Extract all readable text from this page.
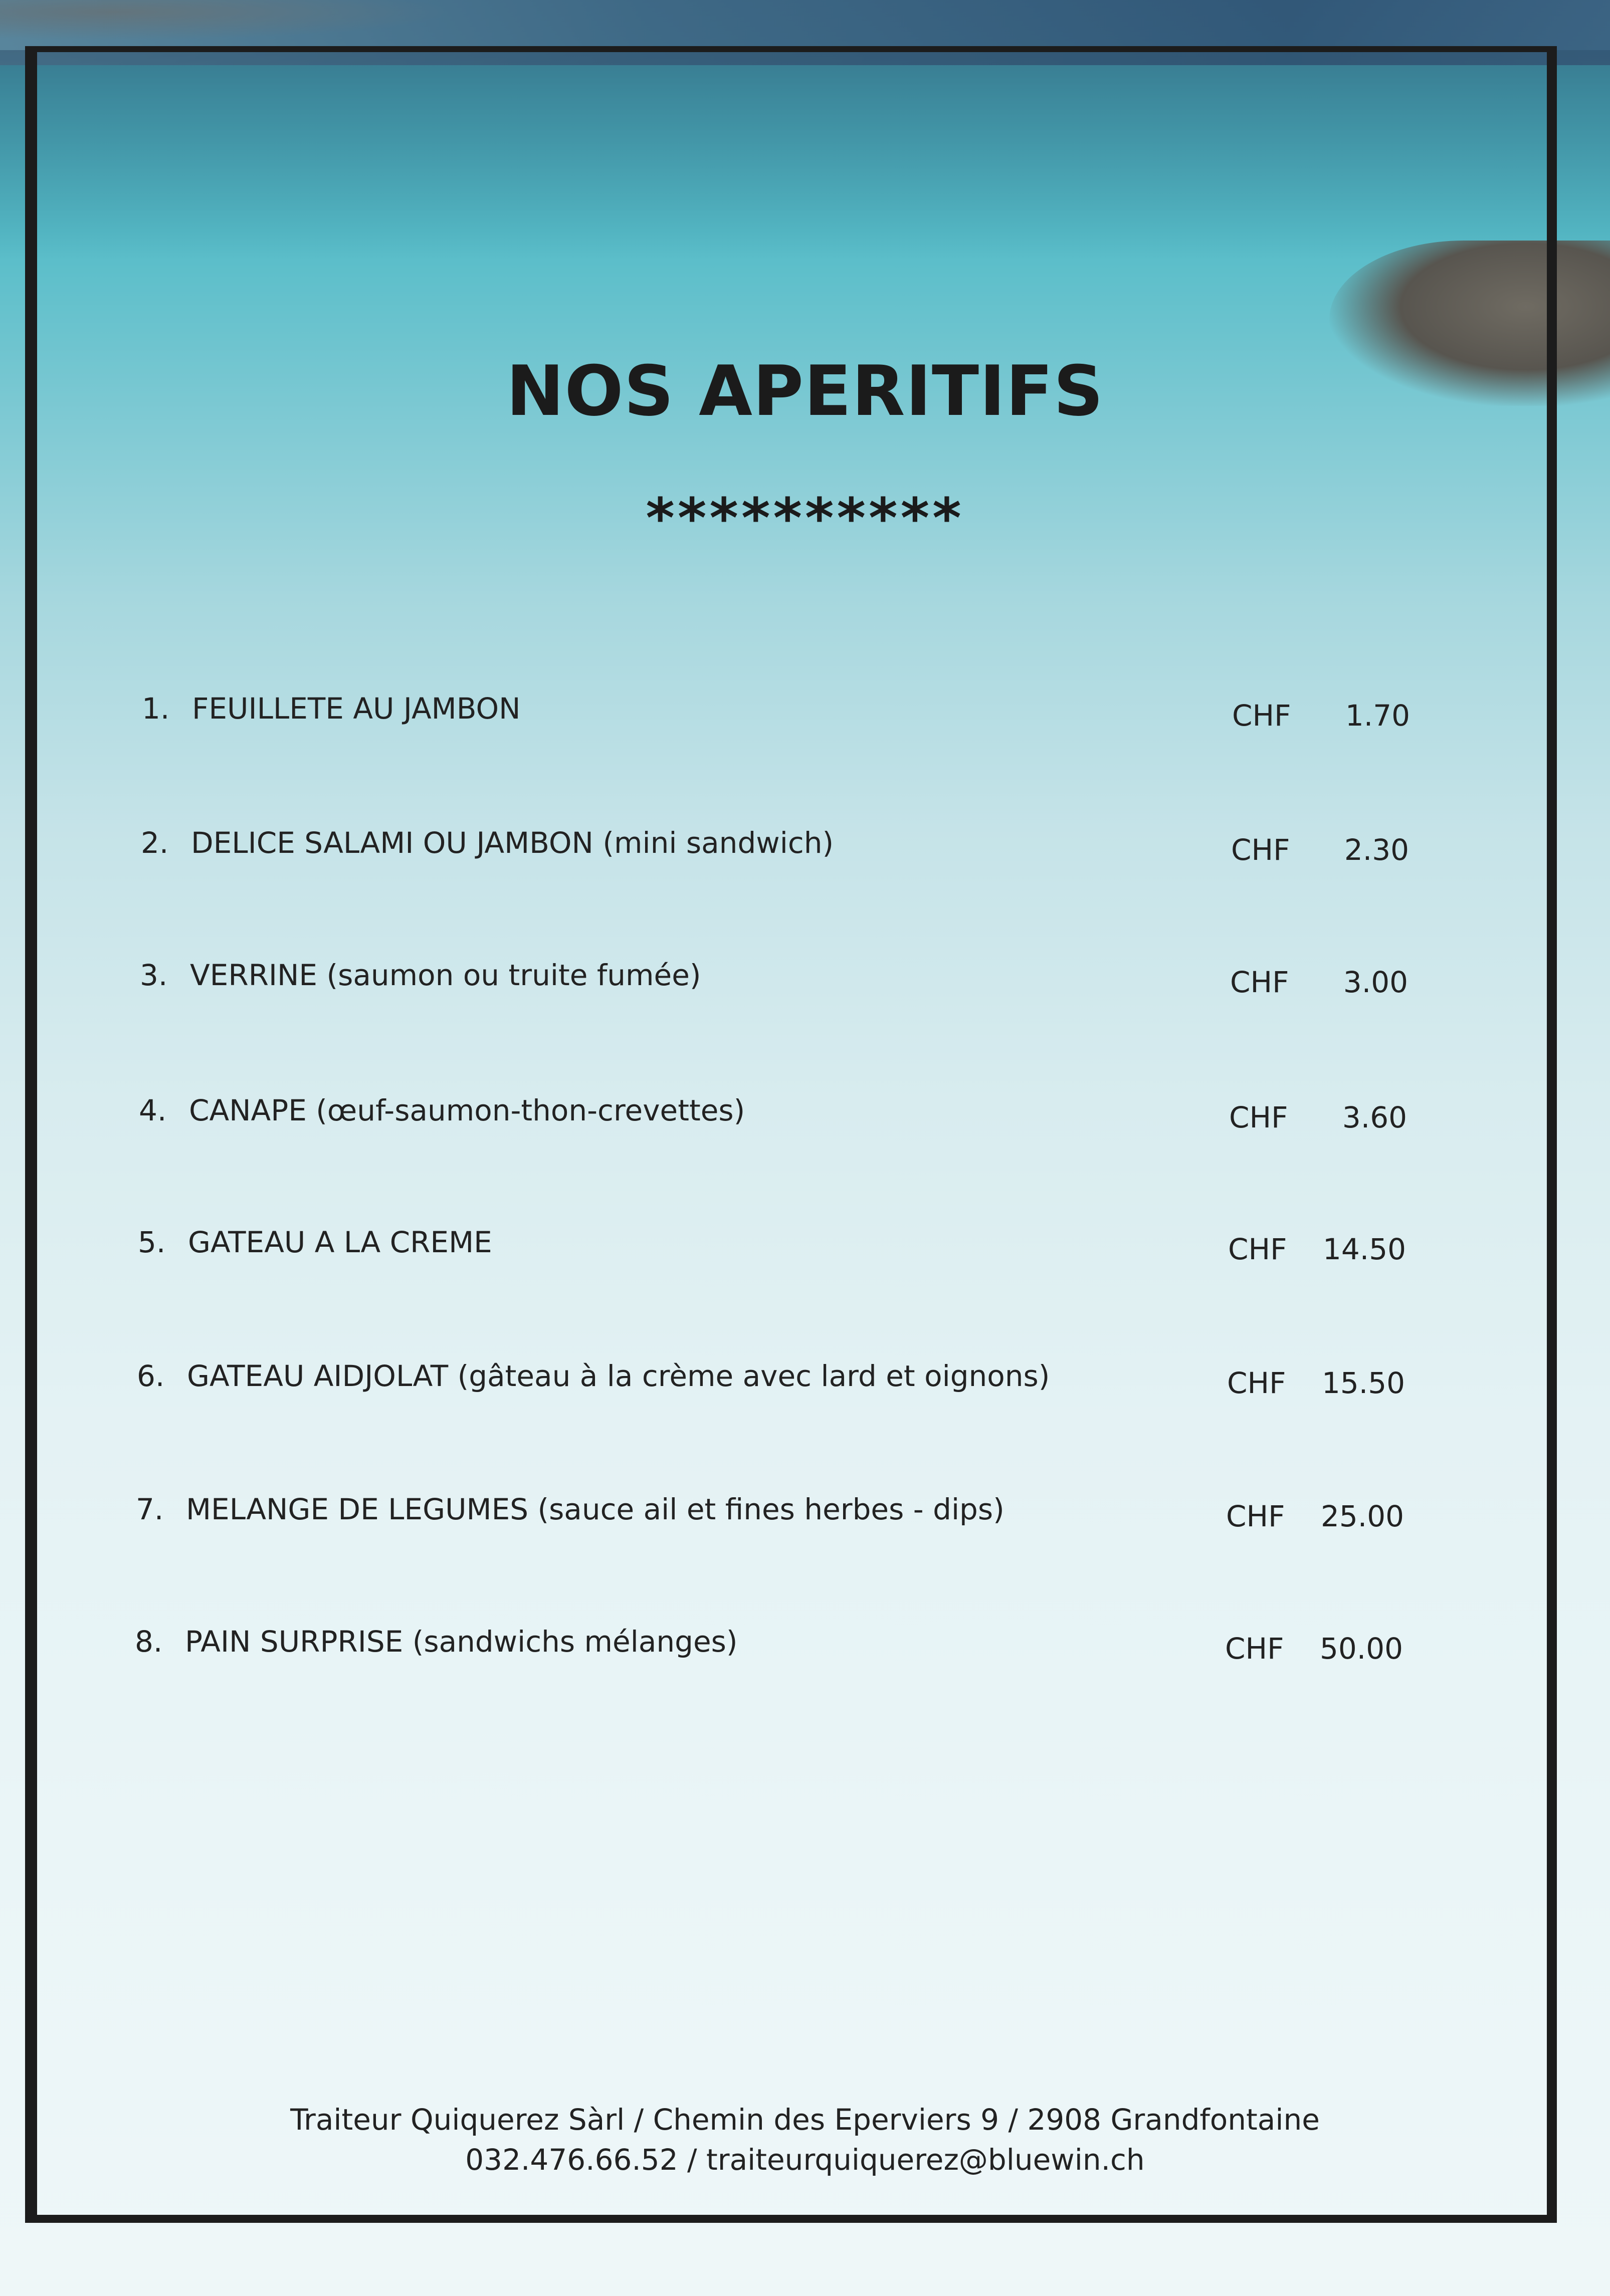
NOS APERITIFS
**********
1. FEUILLETE AU JAMBON	CHF	1.70
2. DELICE SALAMI OU JAMBON (mini sandwich)	CHF	2.30
3. VERRINE (saumon ou truite fumée)	CHF	3.00
4. CANAPE (œuf-saumon-thon-crevettes)	CHF	3.60
5. GATEAU A LA CREME	CHF	14.50
6. GATEAU AIDJOLAT (gâteau à la crème avec lard et oignons)	CHF	15.50
7. MELANGE DE LEGUMES (sauce ail et fines herbes - dips)	CHF	25.00
8. PAIN SURPRISE (sandwichs mélanges)	CHF	50.00
Traiteur Quiquerez Sàrl / Chemin des Eperviers 9 / 2908 Grandfontaine
032.476.66.52 / traiteurquiquerez@bluewin.ch
